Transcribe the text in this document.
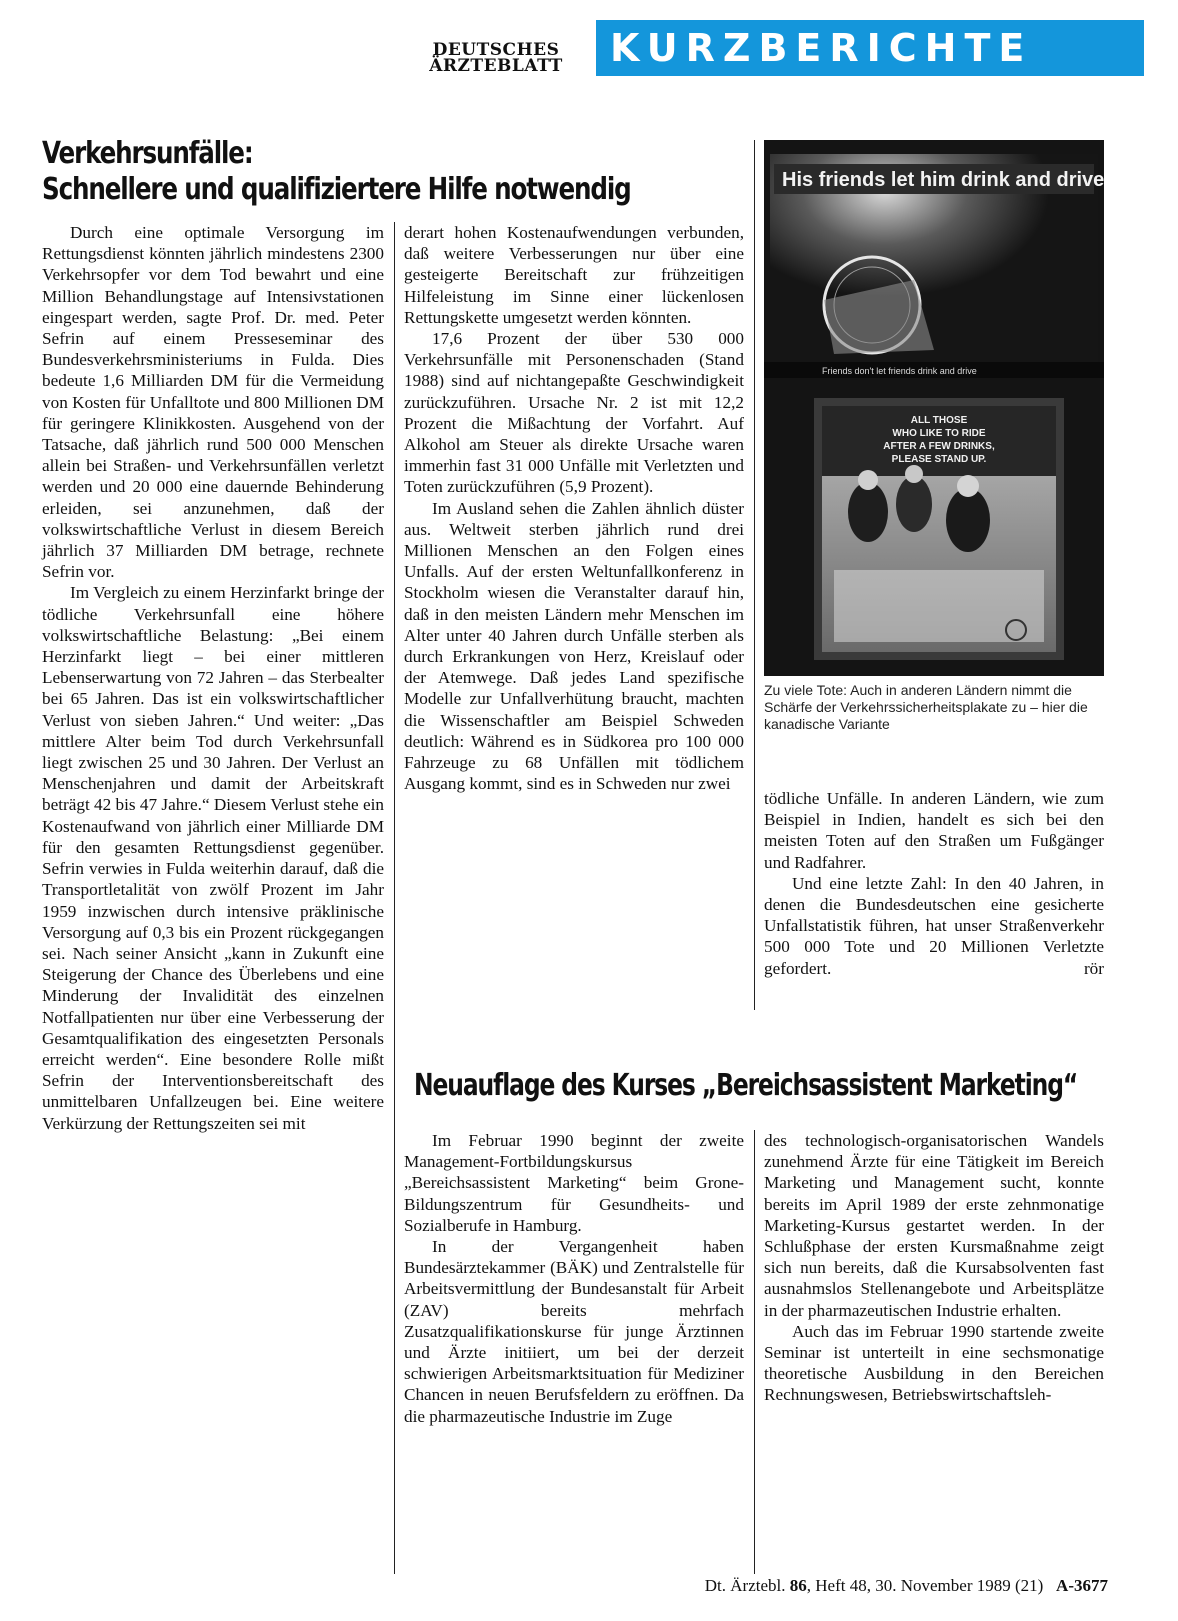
DEUTSCHES
ÄRZTEBLATT	KURZBERICHTE
Verkehrsunfälle:
Schnellere und qualifiziertere Hilfe notwendig

Durch eine optimale Versorgung im Rettungsdienst könnten jährlich mindestens 2300 Verkehrsopfer vor dem Tod bewahrt und eine Million Behandlungstage auf Intensivstationen eingespart werden, sagte Prof. Dr. med. Peter Sefrin auf einem Presseseminar des Bundesverkehrsministeriums in Fulda. Dies bedeute 1,6 Milliarden DM für die Vermeidung von Kosten für Unfalltote und 800 Millionen DM für geringere Klinikkosten. Ausgehend von der Tatsache, daß jährlich rund 500 000 Menschen allein bei Straßen- und Verkehrsunfällen verletzt werden und 20 000 eine dauernde Behinderung erleiden, sei anzunehmen, daß der volkswirtschaftliche Verlust in diesem Bereich jährlich 37 Milliarden DM betrage, rechnete Sefrin vor.

Im Vergleich zu einem Herzinfarkt bringe der tödliche Verkehrsunfall eine höhere volkswirtschaftliche Belastung: „Bei einem Herzinfarkt liegt – bei einer mittleren Lebenserwartung von 72 Jahren – das Sterbealter bei 65 Jahren. Das ist ein volkswirtschaftlicher Verlust von sieben Jahren.“ Und weiter: „Das mittlere Alter beim Tod durch Verkehrsunfall liegt zwischen 25 und 30 Jahren. Der Verlust an Menschenjahren und damit der Arbeitskraft beträgt 42 bis 47 Jahre.“ Diesem Verlust stehe ein Kostenaufwand von jährlich einer Milliarde DM für den gesamten Rettungsdienst gegenüber. Sefrin verwies in Fulda weiterhin darauf, daß die Transportletalität von zwölf Prozent im Jahr 1959 inzwischen durch intensive präklinische Versorgung auf 0,3 bis ein Prozent rückgegangen sei. Nach seiner Ansicht „kann in Zukunft eine Steigerung der Chance des Überlebens und eine Minderung der Invalidität des einzelnen Notfallpatienten nur über eine Verbesserung der Gesamtqualifikation des eingesetzten Personals erreicht werden“. Eine besondere Rolle mißt Sefrin der Interventionsbereitschaft des unmittelbaren Unfallzeugen bei. Eine weitere Verkürzung der Rettungszeiten sei mit

derart hohen Kostenaufwendungen verbunden, daß weitere Verbesserungen nur über eine gesteigerte Bereitschaft zur frühzeitigen Hilfeleistung im Sinne einer lückenlosen Rettungskette umgesetzt werden könnten.

17,6 Prozent der über 530 000 Verkehrsunfälle mit Personenschaden (Stand 1988) sind auf nichtangepaßte Geschwindigkeit zurückzuführen. Ursache Nr. 2 ist mit 12,2 Prozent die Mißachtung der Vorfahrt. Auf Alkohol am Steuer als direkte Ursache waren immerhin fast 31 000 Unfälle mit Verletzten und Toten zurückzuführen (5,9 Prozent).

Im Ausland sehen die Zahlen ähnlich düster aus. Weltweit sterben jährlich rund drei Millionen Menschen an den Folgen eines Unfalls. Auf der ersten Weltunfallkonferenz in Stockholm wiesen die Veranstalter darauf hin, daß in den meisten Ländern mehr Menschen im Alter unter 40 Jahren durch Unfälle sterben als durch Erkrankungen von Herz, Kreislauf oder der Atemwege. Daß jedes Land spezifische Modelle zur Unfallverhütung braucht, machten die Wissenschaftler am Beispiel Schweden deutlich: Während es in Südkorea pro 100 000 Fahrzeuge zu 68 Unfällen mit tödlichem Ausgang kommt, sind es in Schweden nur zwei

His friends let him drink and drive
Friends don't let friends drink and drive
ALL THOSE
WHO LIKE TO RIDE
AFTER A FEW DRINKS,
PLEASE STAND UP.
Zu viele Tote: Auch in anderen Ländern nimmt die Schärfe der Verkehrssicherheitsplakate zu – hier die kanadische Variante

tödliche Unfälle. In anderen Ländern, wie zum Beispiel in Indien, handelt es sich bei den meisten Toten auf den Straßen um Fußgänger und Radfahrer.

Und eine letzte Zahl: In den 40 Jahren, in denen die Bundesdeutschen eine gesicherte Unfallstatistik führen, hat unser Straßenverkehr 500 000 Tote und 20 Millionen Verletzte gefordert.	rör

Neuauflage des Kurses „Bereichsassistent Marketing“

Im Februar 1990 beginnt der zweite Management-Fortbildungskursus „Bereichsassistent Marketing“ beim Grone-Bildungszentrum für Gesundheits- und Sozialberufe in Hamburg.

In der Vergangenheit haben Bundesärztekammer (BÄK) und Zentralstelle für Arbeitsvermittlung der Bundesanstalt für Arbeit (ZAV) bereits mehrfach Zusatzqualifikationskurse für junge Ärztinnen und Ärzte initiiert, um bei der derzeit schwierigen Arbeitsmarktsituation für Mediziner Chancen in neuen Berufsfeldern zu eröffnen. Da die pharmazeutische Industrie im Zuge

des technologisch-organisatorischen Wandels zunehmend Ärzte für eine Tätigkeit im Bereich Marketing und Management sucht, konnte bereits im April 1989 der erste zehnmonatige Marketing-Kursus gestartet werden. In der Schlußphase der ersten Kursmaßnahme zeigt sich nun bereits, daß die Kursabsolventen fast ausnahmslos Stellenangebote und Arbeitsplätze in der pharmazeutischen Industrie erhalten.

Auch das im Februar 1990 startende zweite Seminar ist unterteilt in eine sechsmonatige theoretische Ausbildung in den Bereichen Rechnungswesen, Betriebswirtschaftsleh-

Dt. Ärztebl. 86, Heft 48, 30. November 1989 (21) A-3677
